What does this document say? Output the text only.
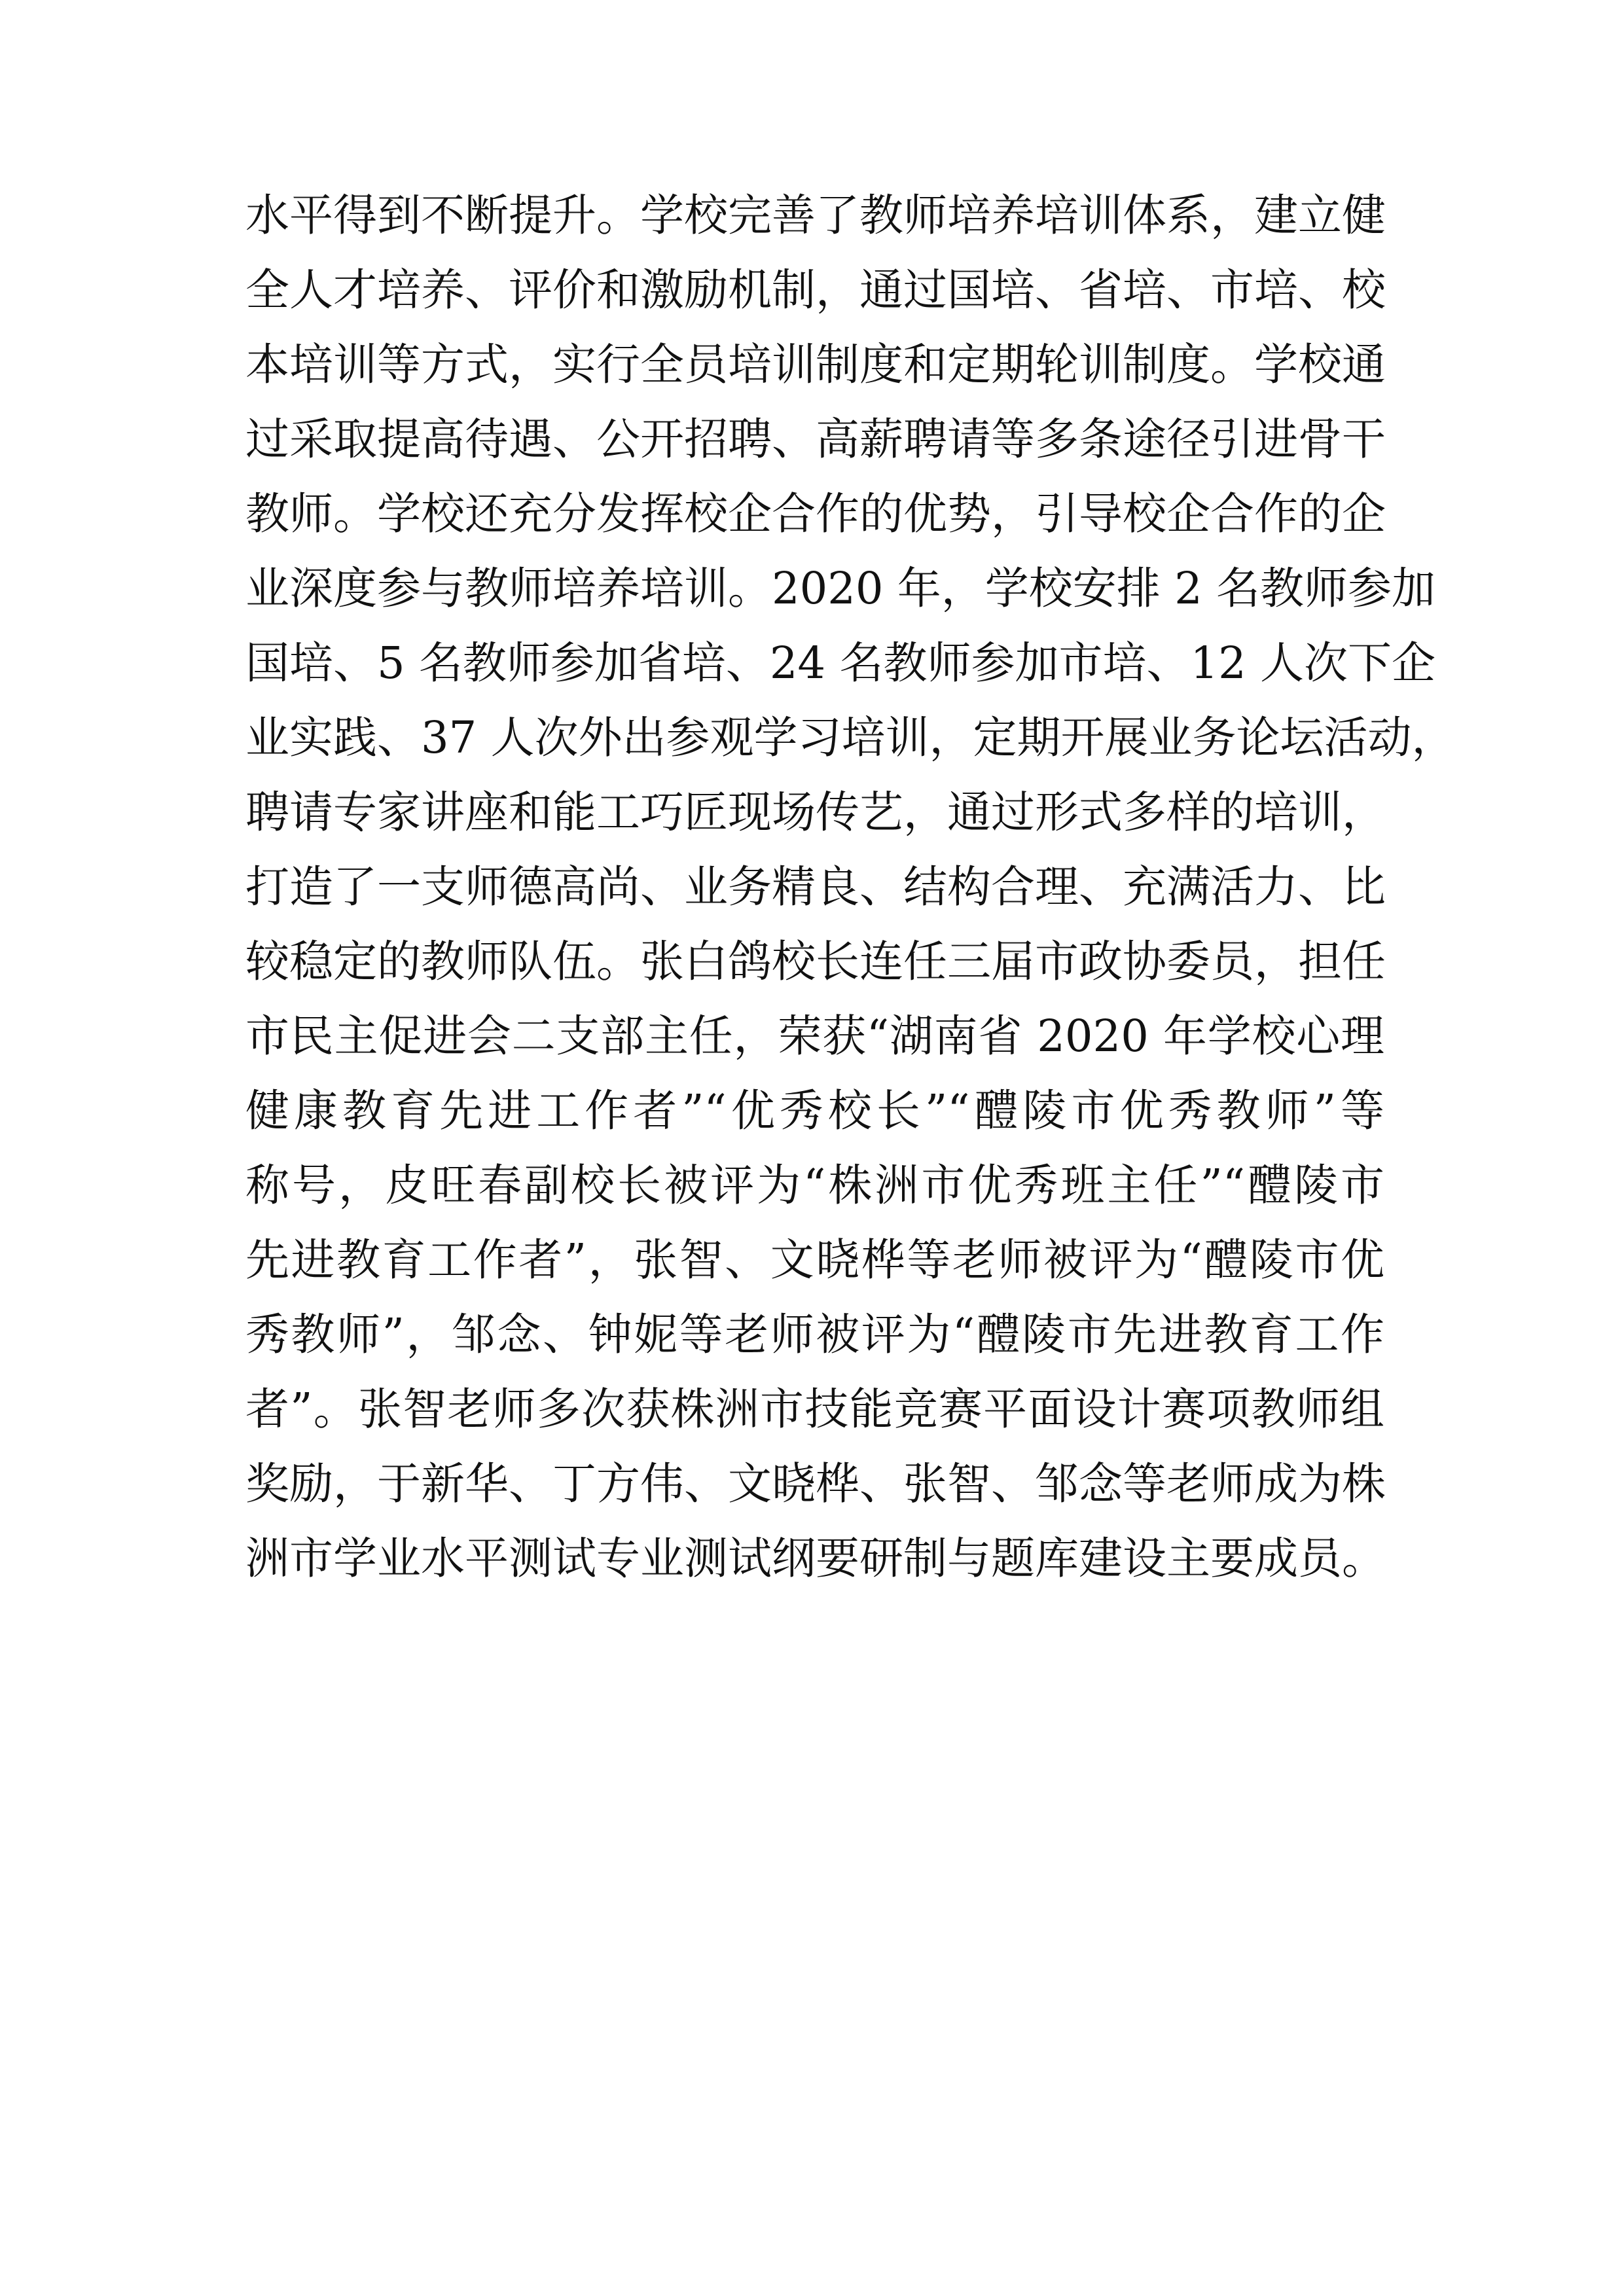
水平得到不断提升。学校完善了教师培养培训体系，建立健
全人才培养、评价和激励机制，通过国培、省培、市培、校
本培训等方式，实行全员培训制度和定期轮训制度。学校通
过采取提高待遇、公开招聘、高薪聘请等多条途径引进骨干
教师。学校还充分发挥校企合作的优势，引导校企合作的企
业深度参与教师培养培训。2020 年，学校安排 2 名教师参加
国培、5 名教师参加省培、24 名教师参加市培、12 人次下企
业实践、37 人次外出参观学习培训，定期开展业务论坛活动，
聘请专家讲座和能工巧匠现场传艺，通过形式多样的培训，
打造了一支师德高尚、业务精良、结构合理、充满活力、比
较稳定的教师队伍。张白鸽校长连任三届市政协委员，担任
市民主促进会二支部主任，荣获“湖南省 2020 年学校心理
健康教育先进工作者”“优秀校长”“醴陵市优秀教师”等
称号，皮旺春副校长被评为“株洲市优秀班主任”“醴陵市
先进教育工作者”，张智、文晓桦等老师被评为“醴陵市优
秀教师”，邹念、钟妮等老师被评为“醴陵市先进教育工作
者”。张智老师多次获株洲市技能竞赛平面设计赛项教师组
奖励，于新华、丁方伟、文晓桦、张智、邹念等老师成为株
洲市学业水平测试专业测试纲要研制与题库建设主要成员。
